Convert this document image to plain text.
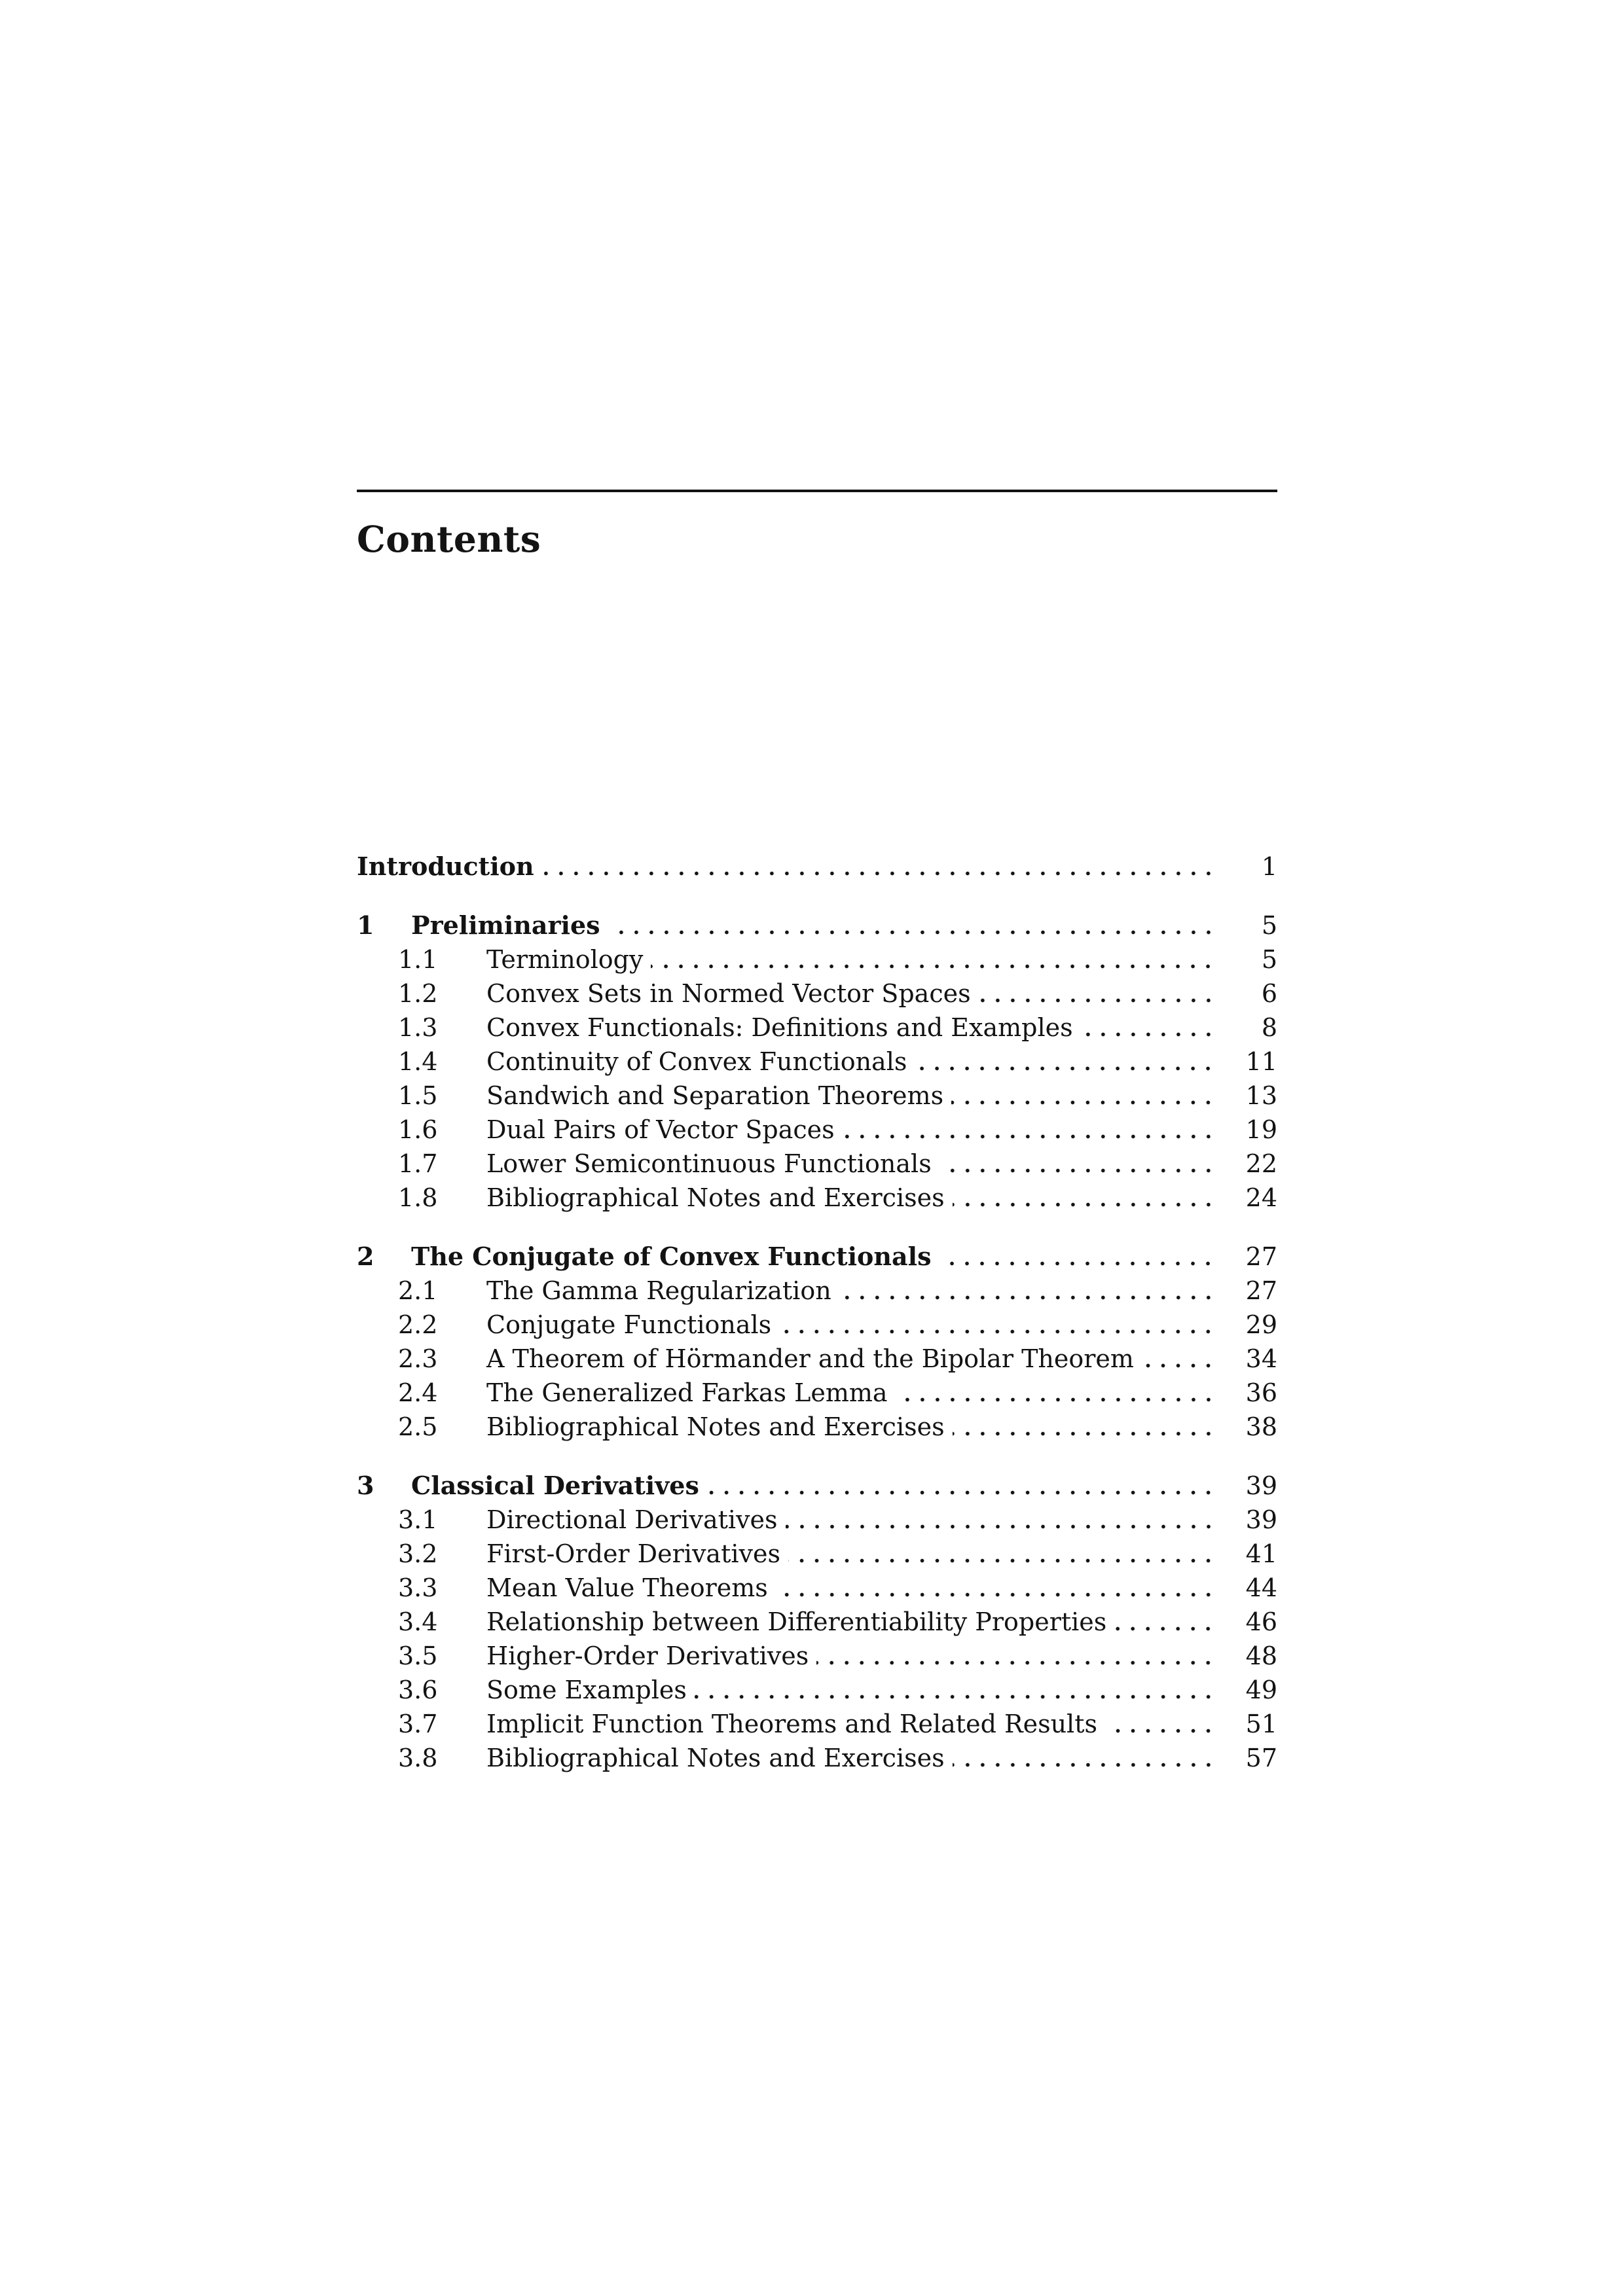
Contents
Introduction	1
1	Preliminaries	5
1.1	Terminology	5
1.2	Convex Sets in Normed Vector Spaces	6
1.3	Convex Functionals: Definitions and Examples	8
1.4	Continuity of Convex Functionals	11
1.5	Sandwich and Separation Theorems	13
1.6	Dual Pairs of Vector Spaces	19
1.7	Lower Semicontinuous Functionals	22
1.8	Bibliographical Notes and Exercises	24
2	The Conjugate of Convex Functionals	27
2.1	The Gamma Regularization	27
2.2	Conjugate Functionals	29
2.3	A Theorem of Hörmander and the Bipolar Theorem	34
2.4	The Generalized Farkas Lemma	36
2.5	Bibliographical Notes and Exercises	38
3	Classical Derivatives	39
3.1	Directional Derivatives	39
3.2	First-Order Derivatives	41
3.3	Mean Value Theorems	44
3.4	Relationship between Differentiability Properties	46
3.5	Higher-Order Derivatives	48
3.6	Some Examples	49
3.7	Implicit Function Theorems and Related Results	51
3.8	Bibliographical Notes and Exercises	57
